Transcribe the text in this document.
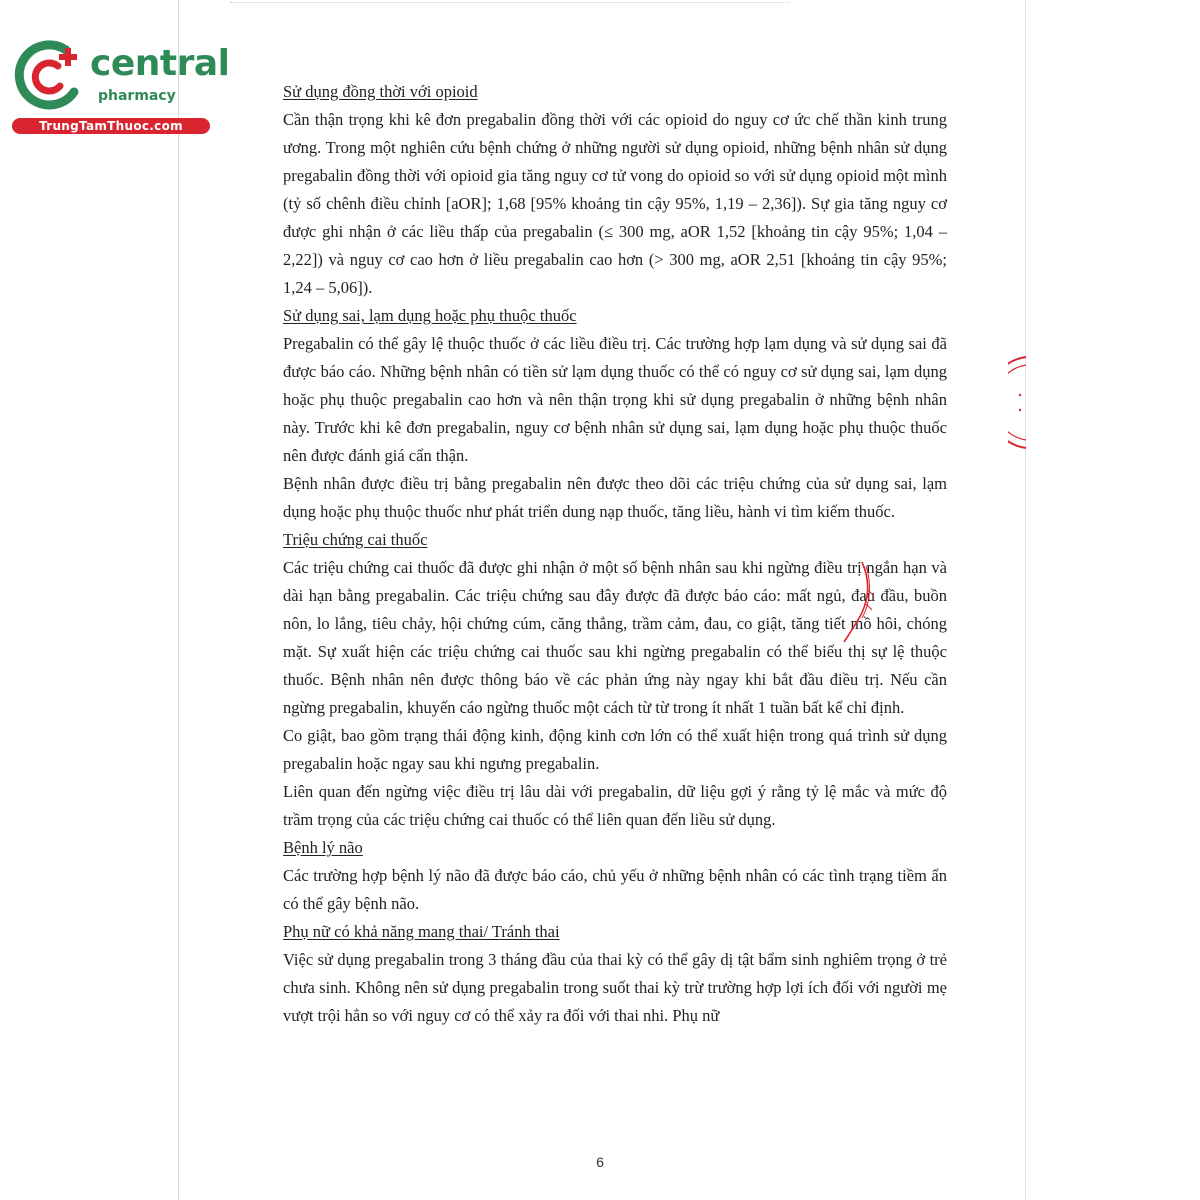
central
pharmacy
TrungTamThuoc.com
Sử dụng đồng thời với opioid

Cần thận trọng khi kê đơn pregabalin đồng thời với các opioid do nguy cơ ức chế thần kinh trung ương. Trong một nghiên cứu bệnh chứng ở những người sử dụng opioid, những bệnh nhân sử dụng pregabalin đồng thời với opioid gia tăng nguy cơ tử vong do opioid so với sử dụng opioid một mình (tỷ số chênh điều chỉnh [aOR]; 1,68 [95% khoảng tin cậy 95%, 1,19 – 2,36]). Sự gia tăng nguy cơ được ghi nhận ở các liều thấp của pregabalin (≤ 300 mg, aOR 1,52 [khoảng tin cậy 95%; 1,04 – 2,22]) và nguy cơ cao hơn ở liều pregabalin cao hơn (> 300 mg, aOR 2,51 [khoảng tin cậy 95%; 1,24 – 5,06]).

Sử dụng sai, lạm dụng hoặc phụ thuộc thuốc

Pregabalin có thể gây lệ thuộc thuốc ở các liều điều trị. Các trường hợp lạm dụng và sử dụng sai đã được báo cáo. Những bệnh nhân có tiền sử lạm dụng thuốc có thể có nguy cơ sử dụng sai, lạm dụng hoặc phụ thuộc pregabalin cao hơn và nên thận trọng khi sử dụng pregabalin ở những bệnh nhân này. Trước khi kê đơn pregabalin, nguy cơ bệnh nhân sử dụng sai, lạm dụng hoặc phụ thuộc thuốc nên được đánh giá cẩn thận.

Bệnh nhân được điều trị bằng pregabalin nên được theo dõi các triệu chứng của sử dụng sai, lạm dụng hoặc phụ thuộc thuốc như phát triển dung nạp thuốc, tăng liều, hành vi tìm kiếm thuốc.

Triệu chứng cai thuốc

Các triệu chứng cai thuốc đã được ghi nhận ở một số bệnh nhân sau khi ngừng điều trị ngắn hạn và dài hạn bằng pregabalin. Các triệu chứng sau đây được đã được báo cáo: mất ngủ, đau đầu, buồn nôn, lo lắng, tiêu chảy, hội chứng cúm, căng thẳng, trầm cảm, đau, co giật, tăng tiết mồ hôi, chóng mặt. Sự xuất hiện các triệu chứng cai thuốc sau khi ngừng pregabalin có thể biểu thị sự lệ thuộc thuốc. Bệnh nhân nên được thông báo về các phản ứng này ngay khi bắt đầu điều trị. Nếu cần ngừng pregabalin, khuyến cáo ngừng thuốc một cách từ từ trong ít nhất 1 tuần bất kể chỉ định.

Co giật, bao gồm trạng thái động kinh, động kinh cơn lớn có thể xuất hiện trong quá trình sử dụng pregabalin hoặc ngay sau khi ngưng pregabalin.

Liên quan đến ngừng việc điều trị lâu dài với pregabalin, dữ liệu gợi ý rằng tỷ lệ mắc và mức độ trầm trọng của các triệu chứng cai thuốc có thể liên quan đến liều sử dụng.

Bệnh lý não

Các trường hợp bệnh lý não đã được báo cáo, chủ yếu ở những bệnh nhân có các tình trạng tiềm ẩn có thể gây bệnh não.

Phụ nữ có khả năng mang thai/ Tránh thai

Việc sử dụng pregabalin trong 3 tháng đầu của thai kỳ có thể gây dị tật bẩm sinh nghiêm trọng ở trẻ chưa sinh. Không nên sử dụng pregabalin trong suốt thai kỳ trừ trường hợp lợi ích đối với người mẹ vượt trội hẳn so với nguy cơ có thể xảy ra đối với thai nhi. Phụ nữ

6
